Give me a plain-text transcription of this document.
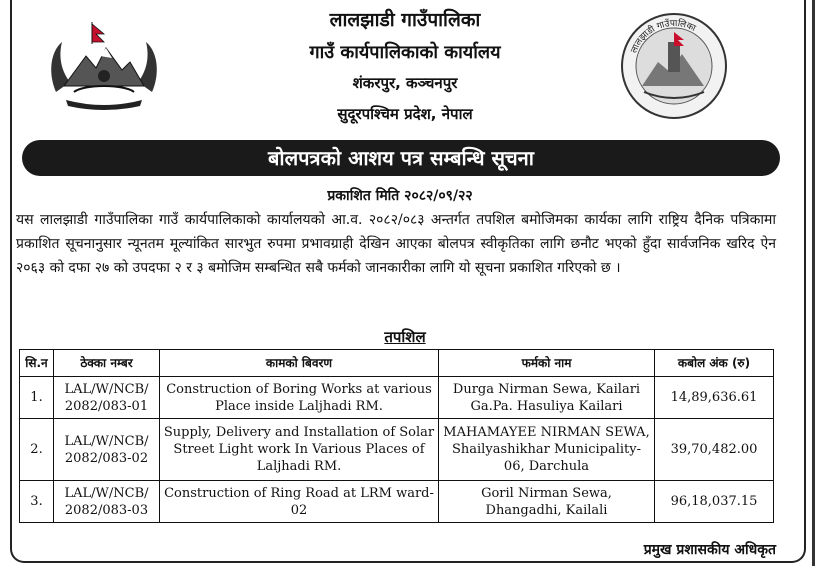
लालझाडी गाउँपालिका
लालझाडी गाउँपालिका
गाउँ कार्यपालिकाको कार्यालय
शंकरपुर, कञ्चनपुर
सुदूरपश्चिम प्रदेश, नेपाल
बोलपत्रको आशय पत्र सम्बन्धि सूचना
प्रकाशित मिति २०८२/०९/२२
यस लालझाडी गाउँपालिका गाउँ कार्यपालिकाको कार्यालयको आ.व. २०८२/०८३ अन्तर्गत तपशिल बमोजिमका कार्यका लागि राष्ट्रिय दैनिक पत्रिकामा प्रकाशित सूचनानुसार न्यूनतम मूल्यांकित सारभुत रुपमा प्रभावग्राही देखिन आएका बोलपत्र स्वीकृतिका लागि छनौट भएको हुँदा सार्वजनिक खरिद ऐन २०६३ को दफा २७ को उपदफा २ र ३ बमोजिम सम्बन्धित सबै फर्मको जानकारीका लागि यो सूचना प्रकाशित गरिएको छ ।
तपशिल
सि.न	ठेक्का नम्बर	कामको बिवरण	फर्मको नाम	कबोल अंक (रु)
1.	LAL/W/NCB/ 2082/083-01	Construction of Boring Works at various Place inside Laljhadi RM.	Durga Nirman Sewa, Kailari Ga.Pa. Hasuliya Kailari	14,89,636.61
2.	LAL/W/NCB/ 2082/083-02	Supply, Delivery and Installation of Solar Street Light work In Various Places of Laljhadi RM.	MAHAMAYEE NIRMAN SEWA, Shailyashikhar Municipality-06, Darchula	39,70,482.00
3.	LAL/W/NCB/ 2082/083-03	Construction of Ring Road at LRM ward-02	Goril Nirman Sewa, Dhangadhi, Kailali	96,18,037.15
प्रमुख प्रशासकीय अधिकृत
